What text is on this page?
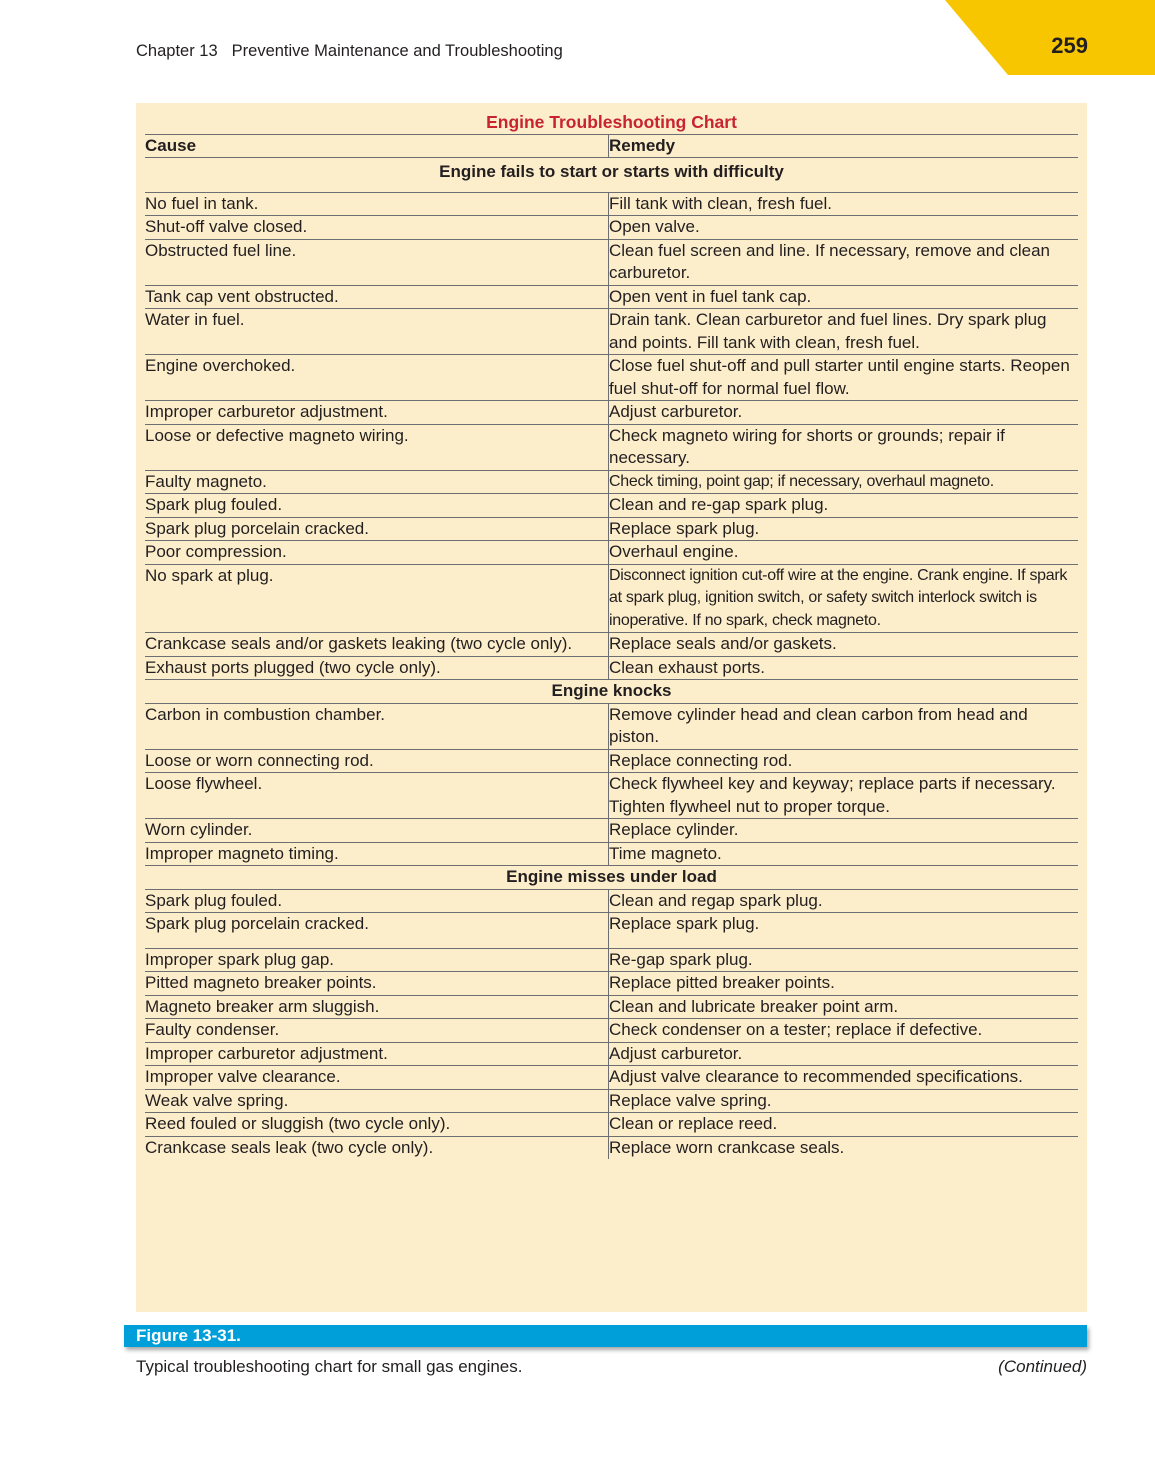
259
Chapter 13 Preventive Maintenance and Troubleshooting
Engine Troubleshooting Chart	
Cause	Remedy
Engine fails to start or starts with difficulty	
No fuel in tank.	Fill tank with clean, fresh fuel.
Shut-off valve closed.	Open valve.
Obstructed fuel line.	Clean fuel screen and line. If necessary, remove and clean carburetor.
Tank cap vent obstructed.	Open vent in fuel tank cap.
Water in fuel.	Drain tank. Clean carburetor and fuel lines. Dry spark plug and points. Fill tank with clean, fresh fuel.
Engine overchoked.	Close fuel shut-off and pull starter until engine starts. Reopen fuel shut-off for normal fuel flow.
Improper carburetor adjustment.	Adjust carburetor.
Loose or defective magneto wiring.	Check magneto wiring for shorts or grounds; repair if necessary.
Faulty magneto.	Check timing, point gap; if necessary, overhaul magneto.
Spark plug fouled.	Clean and re-gap spark plug.
Spark plug porcelain cracked.	Replace spark plug.
Poor compression.	Overhaul engine.
No spark at plug.	Disconnect ignition cut-off wire at the engine. Crank engine. If spark at spark plug, ignition switch, or safety switch interlock switch is inoperative. If no spark, check magneto.
Crankcase seals and/or gaskets leaking (two cycle only).	Replace seals and/or gaskets.
Exhaust ports plugged (two cycle only).	Clean exhaust ports.
Engine knocks	
Carbon in combustion chamber.	Remove cylinder head and clean carbon from head and piston.
Loose or worn connecting rod.	Replace connecting rod.
Loose flywheel.	Check flywheel key and keyway; replace parts if necessary. Tighten flywheel nut to proper torque.
Worn cylinder.	Replace cylinder.
Improper magneto timing.	Time magneto.
Engine misses under load	
Spark plug fouled.	Clean and regap spark plug.
Spark plug porcelain cracked.	Replace spark plug.
Improper spark plug gap.	Re-gap spark plug.
Pitted magneto breaker points.	Replace pitted breaker points.
Magneto breaker arm sluggish.	Clean and lubricate breaker point arm.
Faulty condenser.	Check condenser on a tester; replace if defective.
Improper carburetor adjustment.	Adjust carburetor.
Improper valve clearance.	Adjust valve clearance to recommended specifications.
Weak valve spring.	Replace valve spring.
Reed fouled or sluggish (two cycle only).	Clean or replace reed.
Crankcase seals leak (two cycle only).	Replace worn crankcase seals.
Figure 13-31.
Typical troubleshooting chart for small gas engines.	(Continued)
